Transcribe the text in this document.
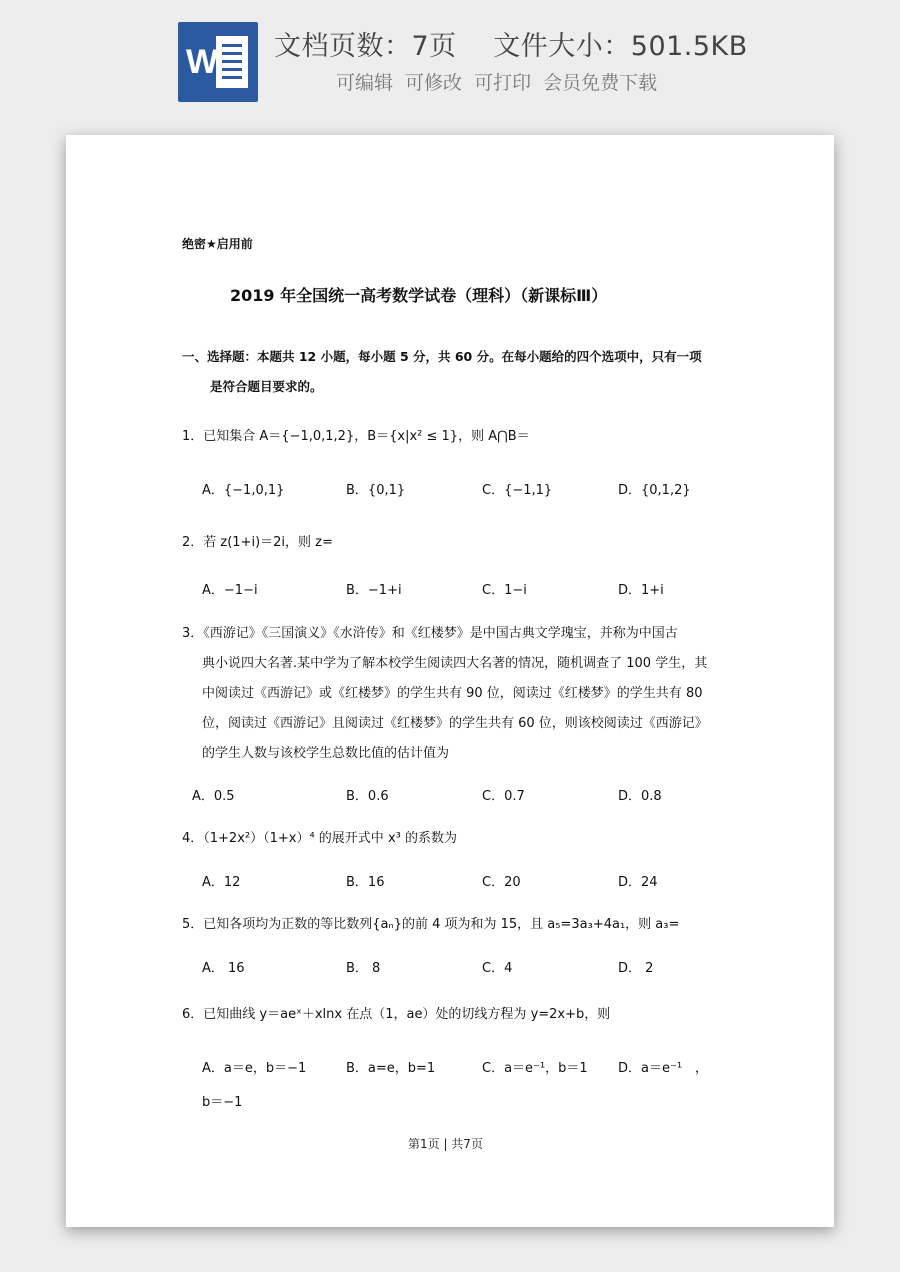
W 文档页数：7页　 文件大小：501.5KB
可编辑 可修改 可打印 会员免费下载
绝密★启用前
2019 年全国统一高考数学试卷（理科）（新课标Ⅲ）
一、选择题：本题共 12 小题，每小题 5 分，共 60 分。在每小题给的四个选项中，只有一项
是符合题目要求的。
1．已知集合 A＝{−1,0,1,2}，B＝{x|x² ≤ 1}，则 A⋂B＝
A．{−1,0,1}	B．{0,1}	C．{−1,1}	D．{0,1,2}
2．若 z(1+i)＝2i，则 z=
A．−1−i	B．−1+i	C．1−i	D．1+i
3．《西游记》《三国演义》《水浒传》和《红楼梦》是中国古典文学瑰宝，并称为中国古
典小说四大名著.某中学为了解本校学生阅读四大名著的情况，随机调查了 100 学生，其
中阅读过《西游记》或《红楼梦》的学生共有 90 位，阅读过《红楼梦》的学生共有 80
位，阅读过《西游记》且阅读过《红楼梦》的学生共有 60 位，则该校阅读过《西游记》
的学生人数与该校学生总数比值的估计值为
A．0.5	B．0.6	C．0.7	D．0.8
4．（1+2x²）（1+x）⁴ 的展开式中 x³ 的系数为
A．12	B．16	C．20	D．24
5．已知各项均为正数的等比数列{aₙ}的前 4 项为和为 15，且 a₅=3a₃+4a₁，则 a₃=
A． 16	B． 8	C．4	D． 2
6．已知曲线 y＝aeˣ＋xlnx 在点（1，ae）处的切线方程为 y=2x+b，则
A．a＝e，b＝−1	B．a=e，b=1	C．a＝e⁻¹，b＝1 D．a＝e⁻¹　，
b＝−1
第1页 | 共7页
